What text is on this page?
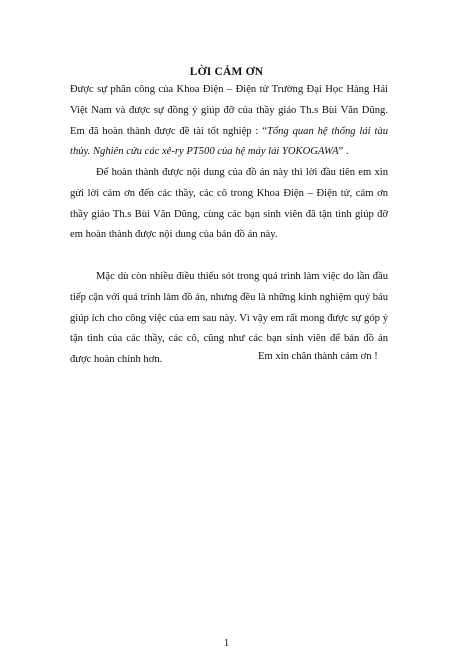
LỜI CẢM ƠN
Được sự phân công của Khoa Điện – Điện tử Trường Đại Học Hàng Hải Việt Nam và được sự đồng ý giúp đỡ của thầy giáo Th.s Bùi Văn Dũng. Em đã hoàn thành được đề tài tốt nghiệp : “Tổng quan hệ thống lái tàu thủy. Nghiên cứu các xê-ry PT500 của hệ máy lái YOKOGAWA” .
Để hoàn thành được nội dung của đồ án này thì lời đầu tiên em xin gửi lời cảm ơn đến các thầy, các cô trong Khoa Điện – Điện tử, cảm ơn thầy giáo Th.s Bùi Văn Dũng, cùng các bạn sinh viên đã tận tình giúp đỡ em hoàn thành được nội dung của bản đồ án này.
Mặc dù còn nhiều điều thiếu sót trong quá trình làm việc do lần đầu tiếp cận với quá trình làm đồ án, nhưng đều là những kinh nghiệm quý báu giúp ích cho công việc của em sau này. Vì vậy em rất mong được sự góp ý tận tình của các thầy, các cô, cũng như các bạn sinh viên để bản đồ án được hoàn chỉnh hơn.	Em xin chân thành cảm ơn !
1
